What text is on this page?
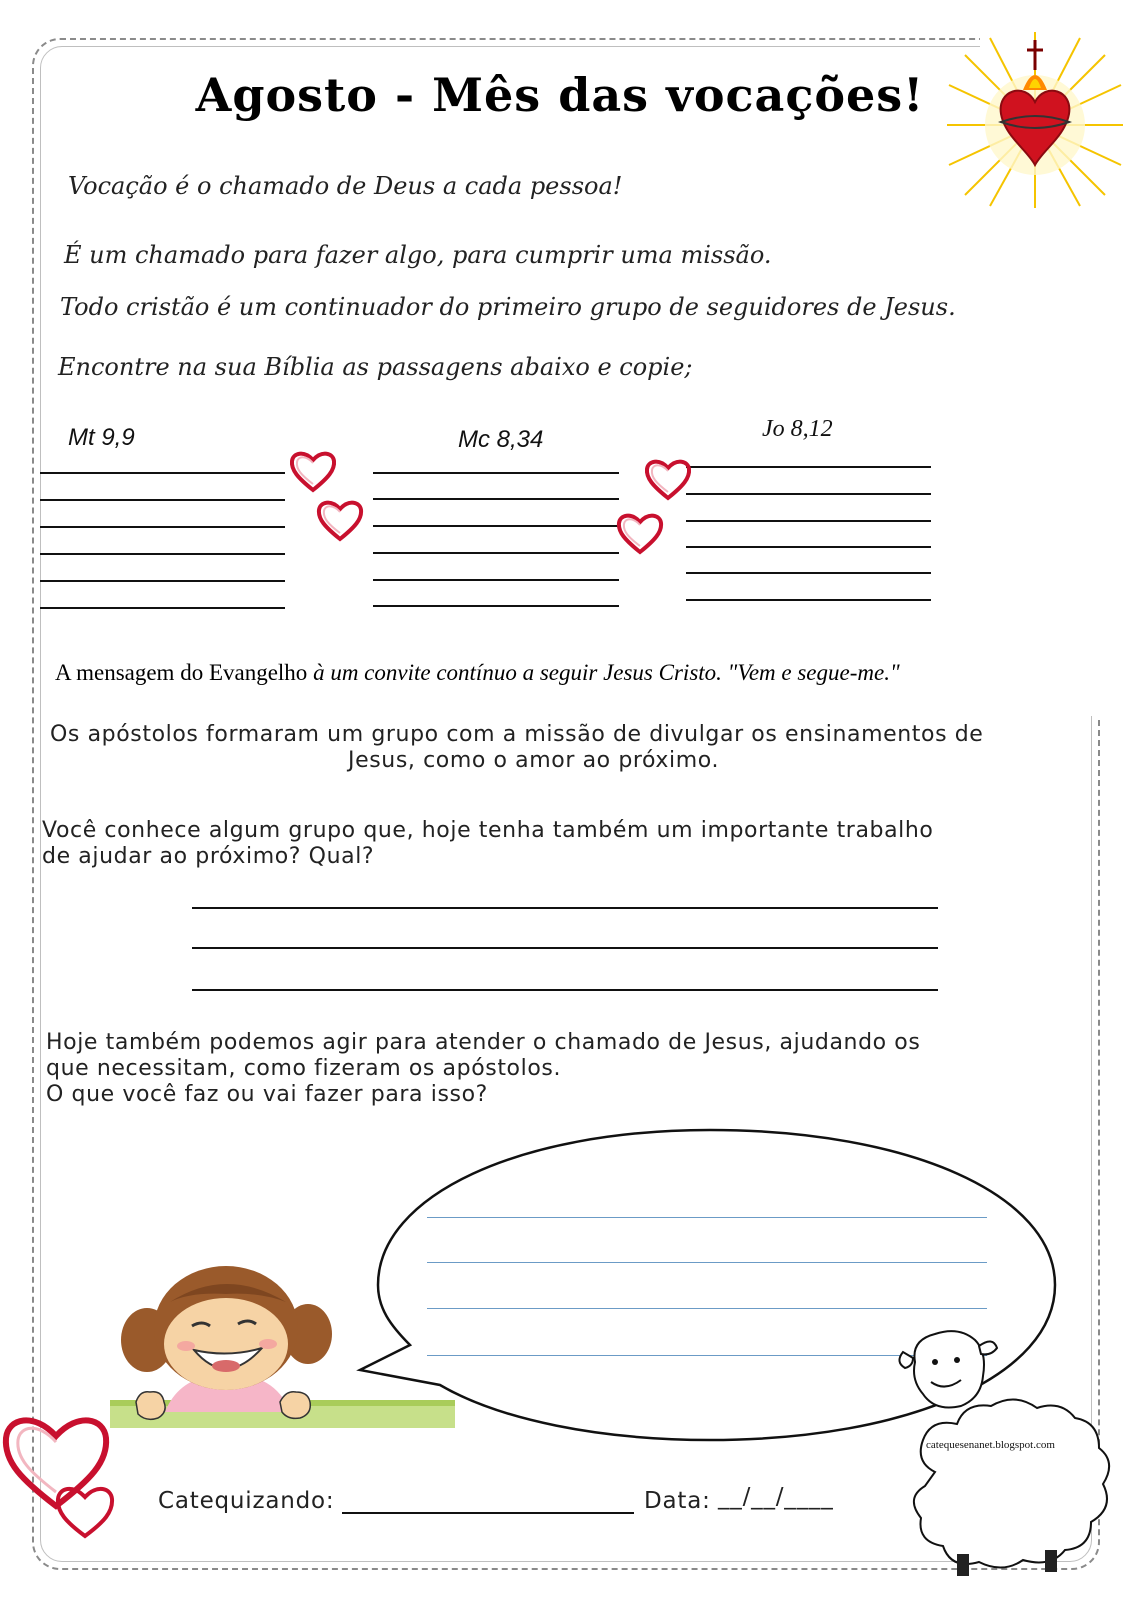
Agosto - Mês das vocações!
Vocação é o chamado de Deus a cada pessoa!
É um chamado para fazer algo, para cumprir uma missão.
Todo cristão é um continuador do primeiro grupo de seguidores de Jesus.
Encontre na sua Bíblia as passagens abaixo e copie;
Mt 9,9	Mc 8,34	Jo 8,12
A mensagem do Evangelho à um convite contínuo a seguir Jesus Cristo. "Vem e segue-me."
Os apóstolos formaram um grupo com a missão de divulgar os ensinamentos de
Jesus, como o amor ao próximo.
Você conhece algum grupo que, hoje tenha também um importante trabalho
de ajudar ao próximo? Qual?
Hoje também podemos agir para atender o chamado de Jesus, ajudando os
que necessitam, como fizeram os apóstolos.
O que você faz ou vai fazer para isso?
catequesenanet.blogspot.com
Catequizando:	Data: __/__/____
